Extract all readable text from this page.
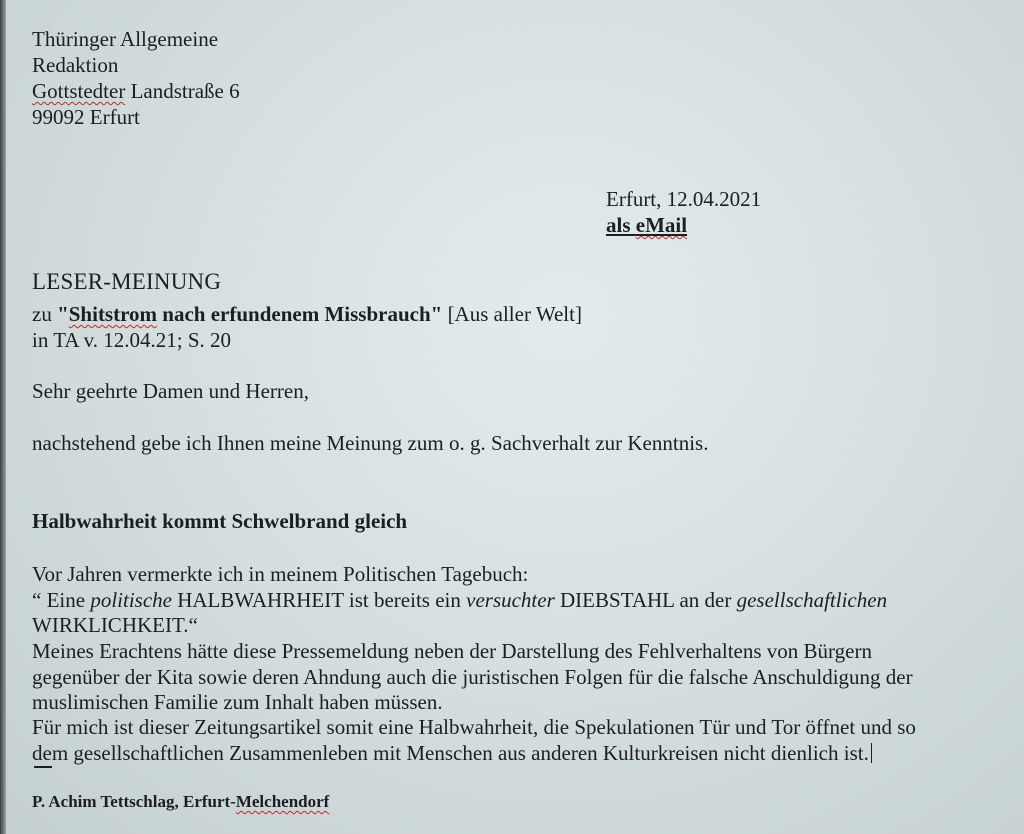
Thüringer Allgemeine
Redaktion
Gottstedter Landstraße 6
99092 Erfurt
Erfurt, 12.04.2021
als eMail
LESER-MEINUNG
zu "Shitstrom nach erfundenem Missbrauch" [Aus aller Welt]
in TA v. 12.04.21; S. 20
Sehr geehrte Damen und Herren,
nachstehend gebe ich Ihnen meine Meinung zum o. g. Sachverhalt zur Kenntnis.
Halbwahrheit kommt Schwelbrand gleich
Vor Jahren vermerkte ich in meinem Politischen Tagebuch:
“ Eine politische HALBWAHRHEIT ist bereits ein versuchter DIEBSTAHL an der gesellschaftlichen
WIRKLICHKEIT.“
Meines Erachtens hätte diese Pressemeldung neben der Darstellung des Fehlverhaltens von Bürgern
gegenüber der Kita sowie deren Ahndung auch die juristischen Folgen für die falsche Anschuldigung der
muslimischen Familie zum Inhalt haben müssen.
Für mich ist dieser Zeitungsartikel somit eine Halbwahrheit, die Spekulationen Tür und Tor öffnet und so
dem gesellschaftlichen Zusammenleben mit Menschen aus anderen Kulturkreisen nicht dienlich ist.
P. Achim Tettschlag, Erfurt-Melchendorf
